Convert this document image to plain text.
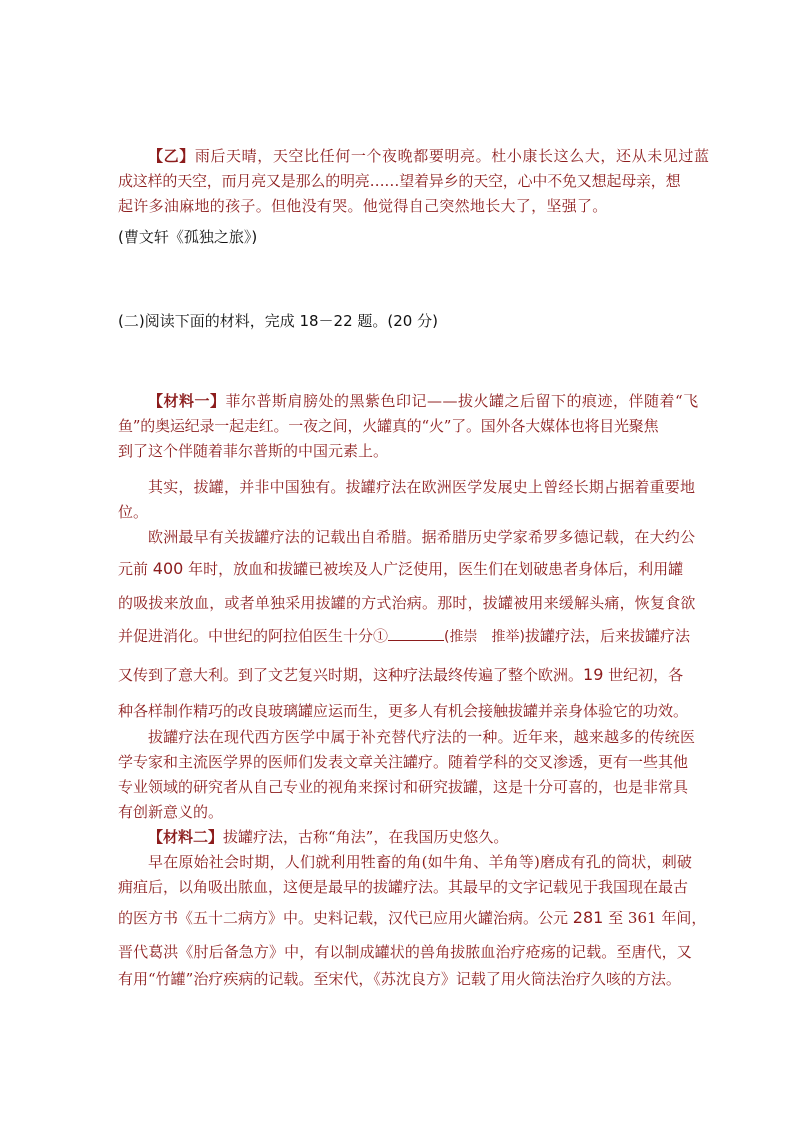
【乙】雨后天晴，天空比任何一个夜晚都要明亮。杜小康长这么大，还从未见过蓝
成这样的天空，而月亮又是那么的明亮……望着异乡的天空，心中不免又想起母亲，想
起许多油麻地的孩子。但他没有哭。他觉得自己突然地长大了，坚强了。
(曹文轩《孤独之旅》)
(二)阅读下面的材料，完成 18－22 题。(20 分)
【材料一】菲尔普斯肩膀处的黑紫色印记——拔火罐之后留下的痕迹，伴随着“飞
鱼”的奥运纪录一起走红。一夜之间，火罐真的“火”了。国外各大媒体也将目光聚焦
到了这个伴随着菲尔普斯的中国元素上。
其实，拔罐，并非中国独有。拔罐疗法在欧洲医学发展史上曾经长期占据着重要地
位。
欧洲最早有关拔罐疗法的记载出自希腊。据希腊历史学家希罗多德记载，在大约公
元前 400 年时，放血和拔罐已被埃及人广泛使用，医生们在划破患者身体后，利用罐
的吸拔来放血，或者单独采用拔罐的方式治病。那时，拔罐被用来缓解头痛，恢复食欲
并促进消化。中世纪的阿拉伯医生十分①	(推崇 推举)拔罐疗法，后来拔罐疗法
又传到了意大利。到了文艺复兴时期，这种疗法最终传遍了整个欧洲。19 世纪初，各
种各样制作精巧的改良玻璃罐应运而生，更多人有机会接触拔罐并亲身体验它的功效。
拔罐疗法在现代西方医学中属于补充替代疗法的一种。近年来，越来越多的传统医
学专家和主流医学界的医师们发表文章关注罐疗。随着学科的交叉渗透，更有一些其他
专业领域的研究者从自己专业的视角来探讨和研究拔罐，这是十分可喜的，也是非常具
有创新意义的。
【材料二】拔罐疗法，古称“角法”，在我国历史悠久。
早在原始社会时期，人们就利用牲畜的角(如牛角、羊角等)磨成有孔的筒状，刺破
痈疽后，以角吸出脓血，这便是最早的拔罐疗法。其最早的文字记载见于我国现在最古
的医方书《五十二病方》中。史料记载，汉代已应用火罐治病。公元 281 至 361 年间，
晋代葛洪《肘后备急方》中，有以制成罐状的兽角拔脓血治疗疮疡的记载。至唐代，又
有用“竹罐”治疗疾病的记载。至宋代，《苏沈良方》记载了用火筒法治疗久咳的方法。
